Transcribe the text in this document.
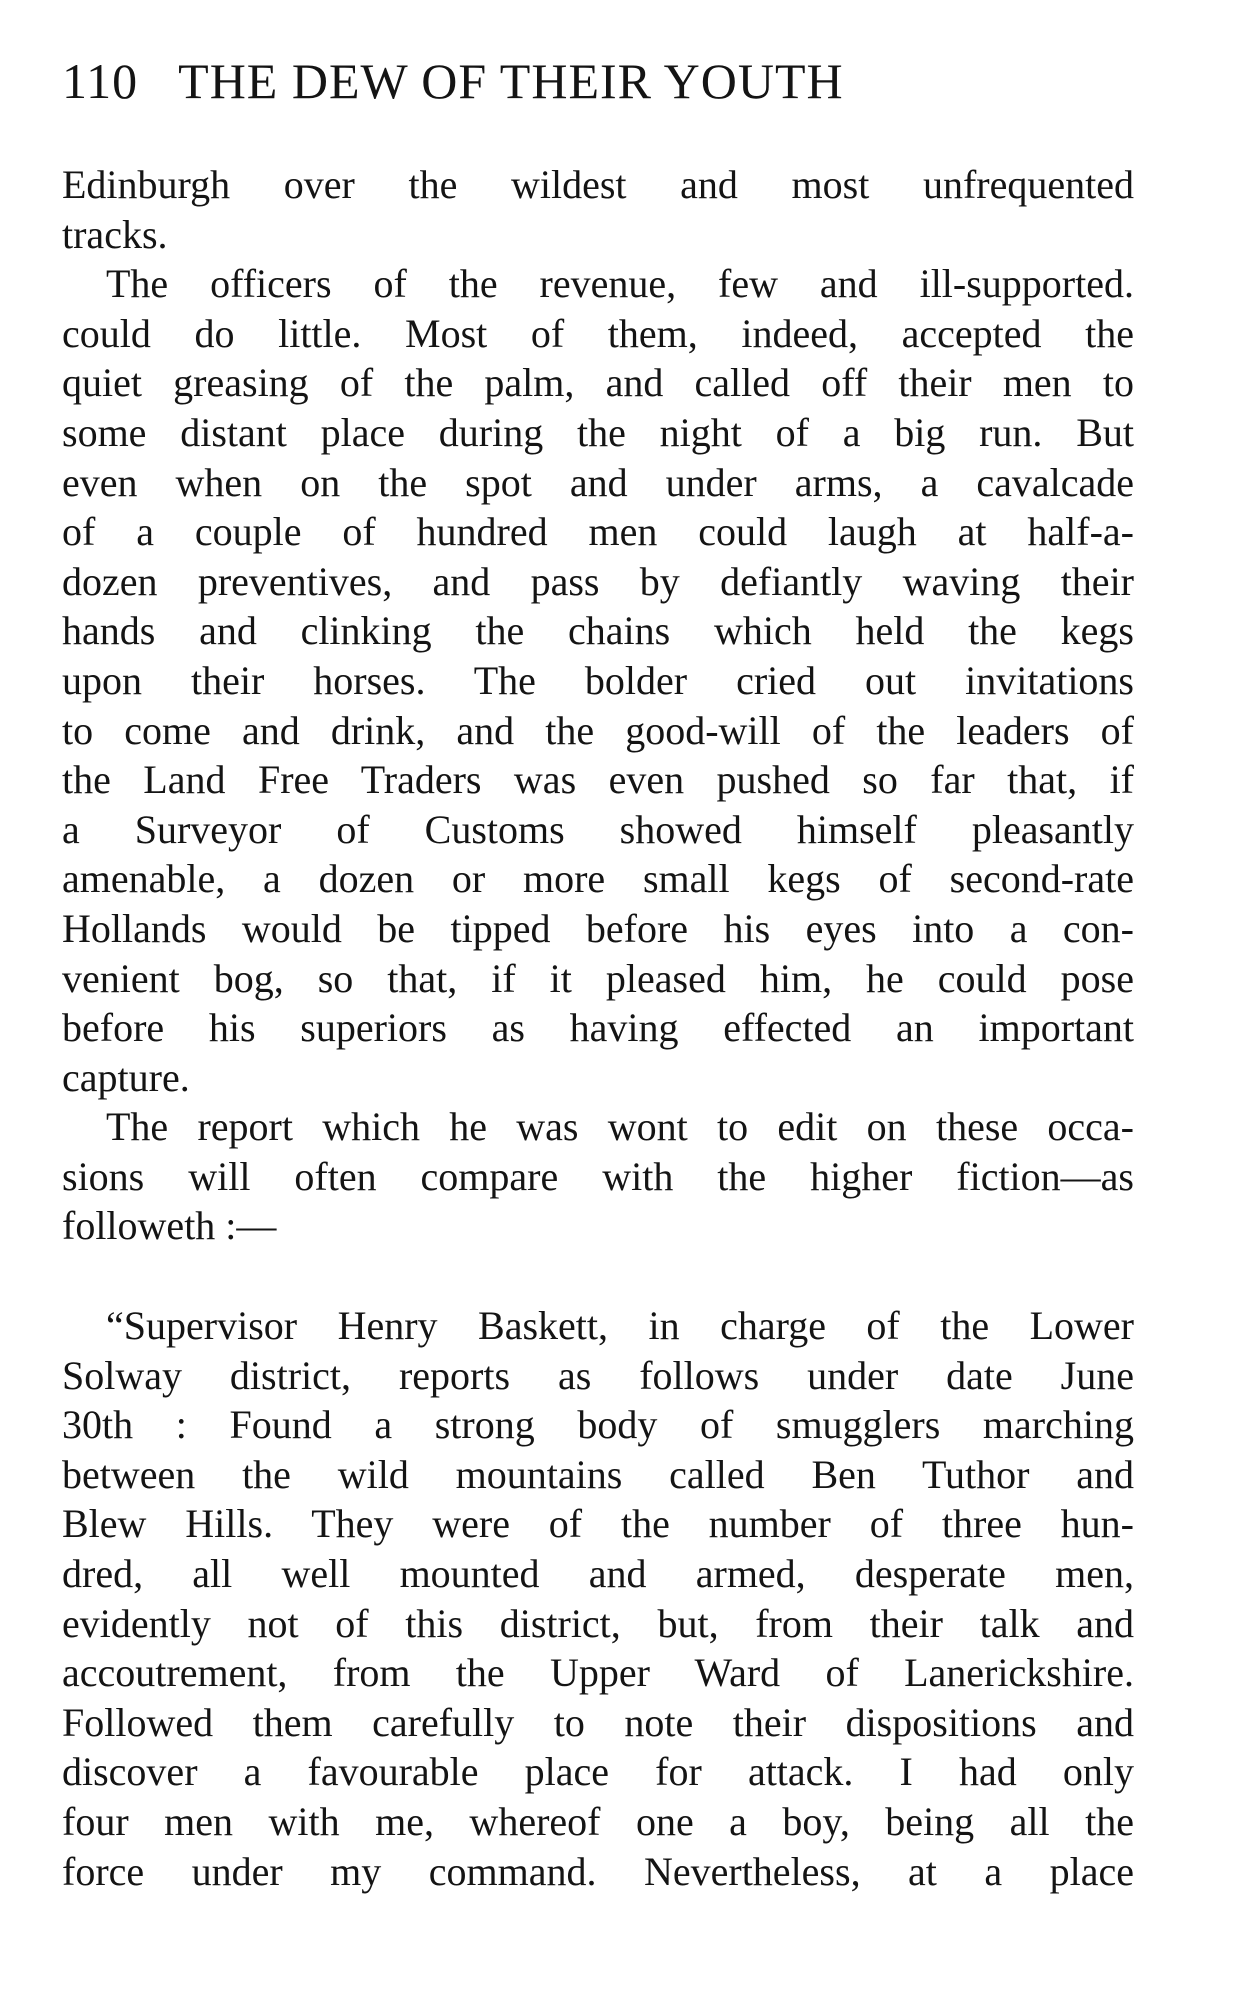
110 THE DEW OF THEIR YOUTH
Edinburgh over the wildest and most unfrequented
tracks.
The officers of the revenue, few and ill-supported.
could do little. Most of them, indeed, accepted the
quiet greasing of the palm, and called off their men to
some distant place during the night of a big run. But
even when on the spot and under arms, a cavalcade
of a couple of hundred men could laugh at half-a-
dozen preventives, and pass by defiantly waving their
hands and clinking the chains which held the kegs
upon their horses. The bolder cried out invitations
to come and drink, and the good-will of the leaders of
the Land Free Traders was even pushed so far that, if
a Surveyor of Customs showed himself pleasantly
amenable, a dozen or more small kegs of second-rate
Hollands would be tipped before his eyes into a con-
venient bog, so that, if it pleased him, he could pose
before his superiors as having effected an important
capture.
The report which he was wont to edit on these occa-
sions will often compare with the higher fiction—as
followeth :—
“Supervisor Henry Baskett, in charge of the Lower
Solway district, reports as follows under date June
30th : Found a strong body of smugglers marching
between the wild mountains called Ben Tuthor and
Blew Hills. They were of the number of three hun-
dred, all well mounted and armed, desperate men,
evidently not of this district, but, from their talk and
accoutrement, from the Upper Ward of Lanerickshire.
Followed them carefully to note their dispositions and
discover a favourable place for attack. I had only
four men with me, whereof one a boy, being all the
force under my command. Nevertheless, at a place
